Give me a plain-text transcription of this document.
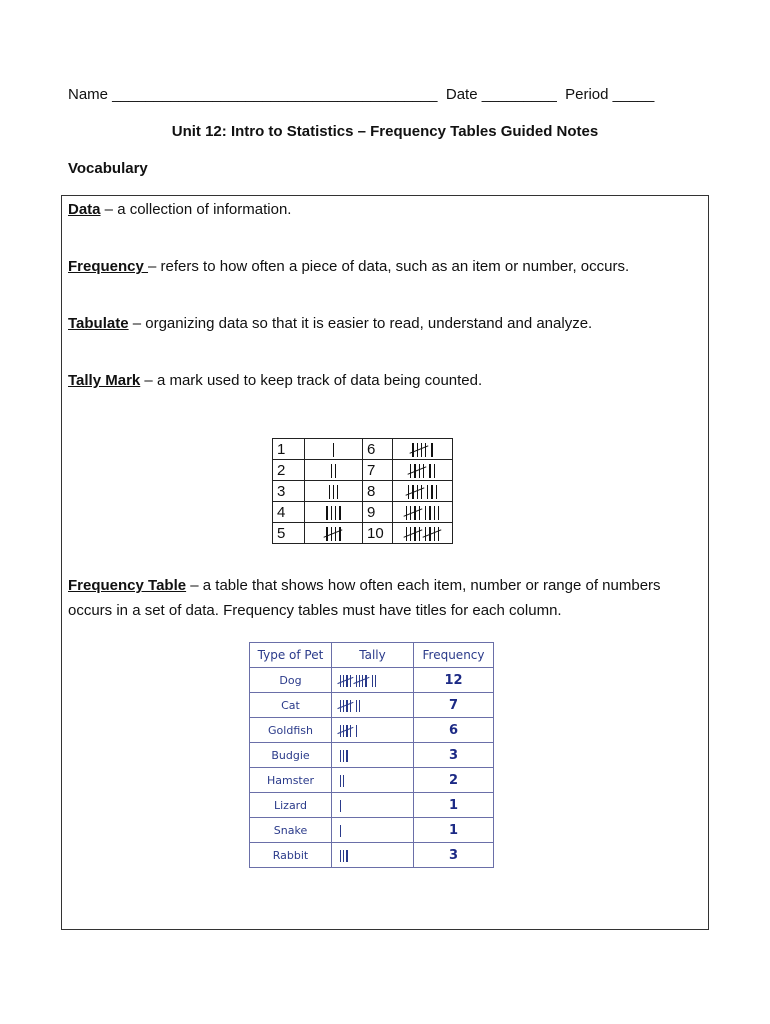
Name _______________________________________  Date _________  Period _____
Unit 12: Intro to Statistics – Frequency Tables Guided Notes
Vocabulary
Data – a collection of information.
Frequency – refers to how often a piece of data, such as an item or number, occurs.
Tabulate – organizing data so that it is easier to read, understand and analyze.
Tally Mark – a mark used to keep track of data being counted.
1		6	

2		7	

3		8	

4		9	

5		10	
Frequency Table – a table that shows how often each item, number or range of numbers occurs in a set of data. Frequency tables must have titles for each column.
Type of Pet	Tally	Frequency
Dog		12
Cat		7
Goldfish		6
Budgie		3
Hamster		2
Lizard		1
Snake		1
Rabbit		3
